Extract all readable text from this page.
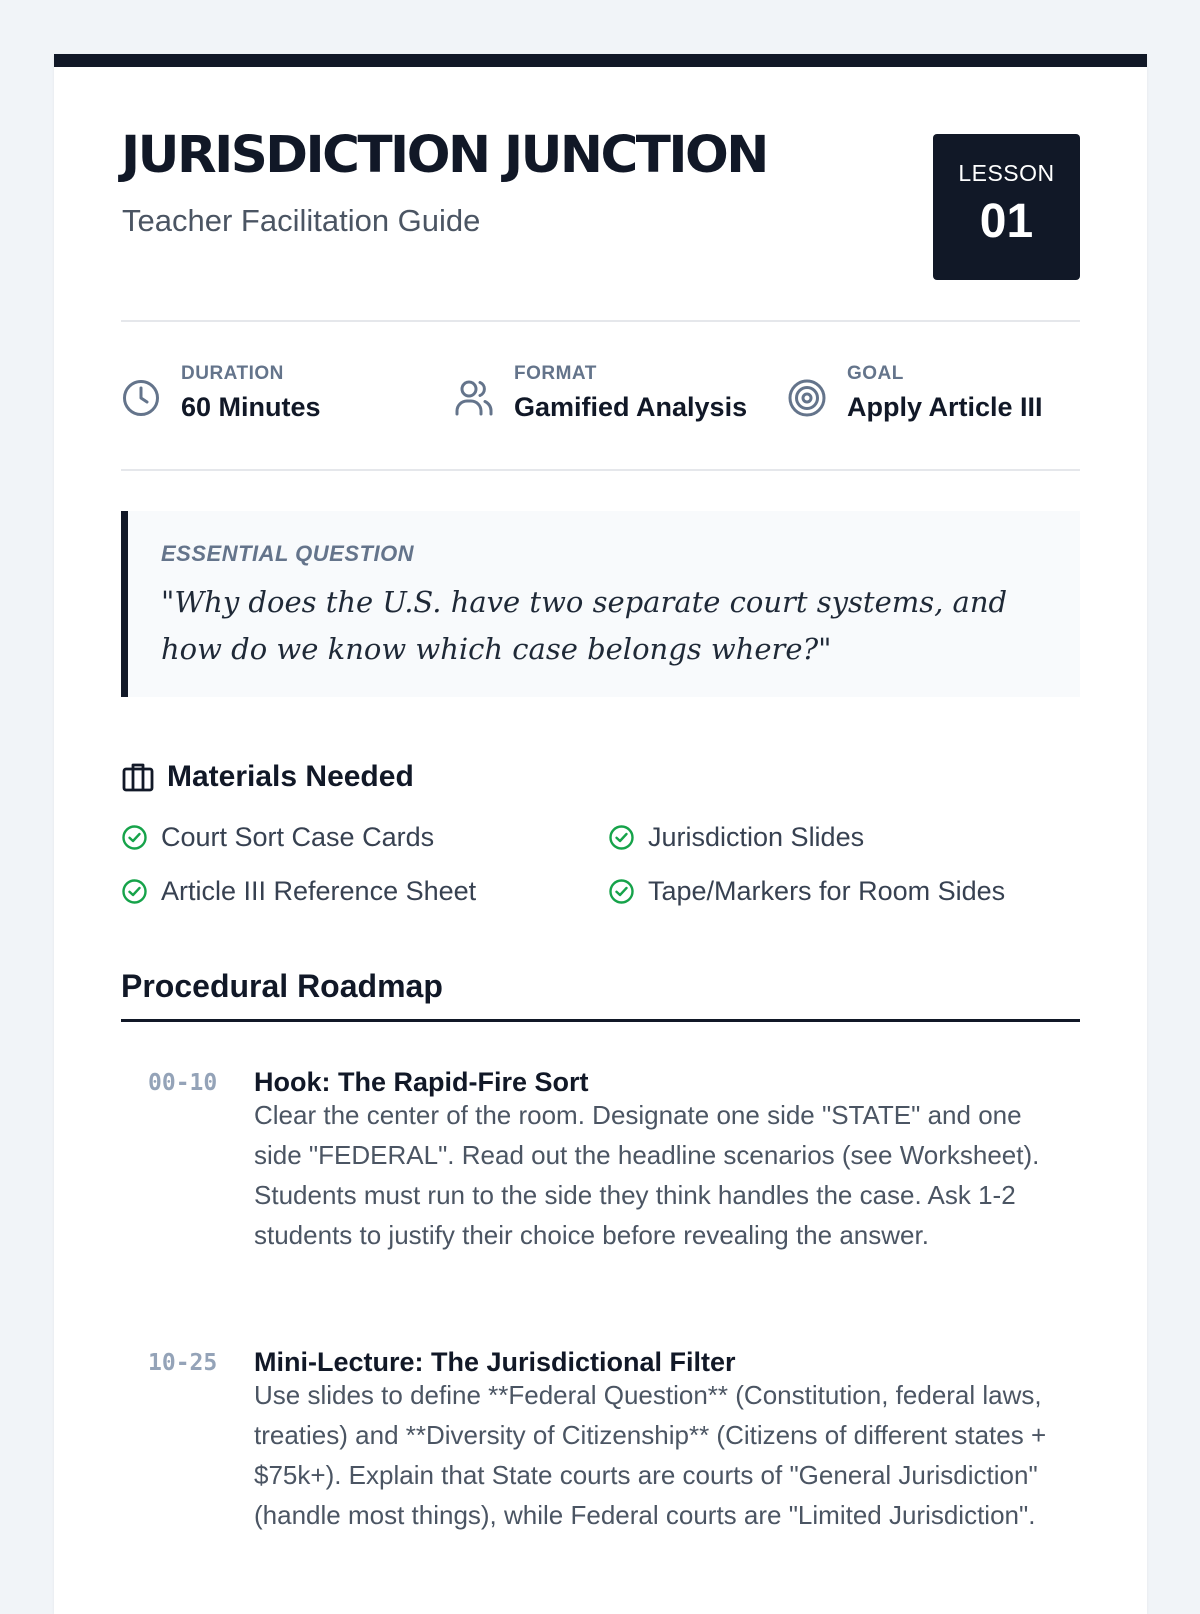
JURISDICTION JUNCTION
Teacher Facilitation Guide
LESSON
01
DURATION
60 Minutes
FORMAT
Gamified Analysis
GOAL
Apply Article III
ESSENTIAL QUESTION
"Why does the U.S. have two separate court systems, and how do we know which case belongs where?"
Materials Needed
Court Sort Case Cards	Jurisdiction Slides
Article III Reference Sheet	Tape/Markers for Room Sides
Procedural Roadmap
00-10 Hook: The Rapid-Fire Sort
Clear the center of the room. Designate one side "STATE" and one side "FEDERAL". Read out the headline scenarios (see Worksheet). Students must run to the side they think handles the case. Ask 1-2 students to justify their choice before revealing the answer.
10-25 Mini-Lecture: The Jurisdictional Filter
Use slides to define **Federal Question** (Constitution, federal laws, treaties) and **Diversity of Citizenship** (Citizens of different states + $75k+). Explain that State courts are courts of "General Jurisdiction" (handle most things), while Federal courts are "Limited Jurisdiction".
